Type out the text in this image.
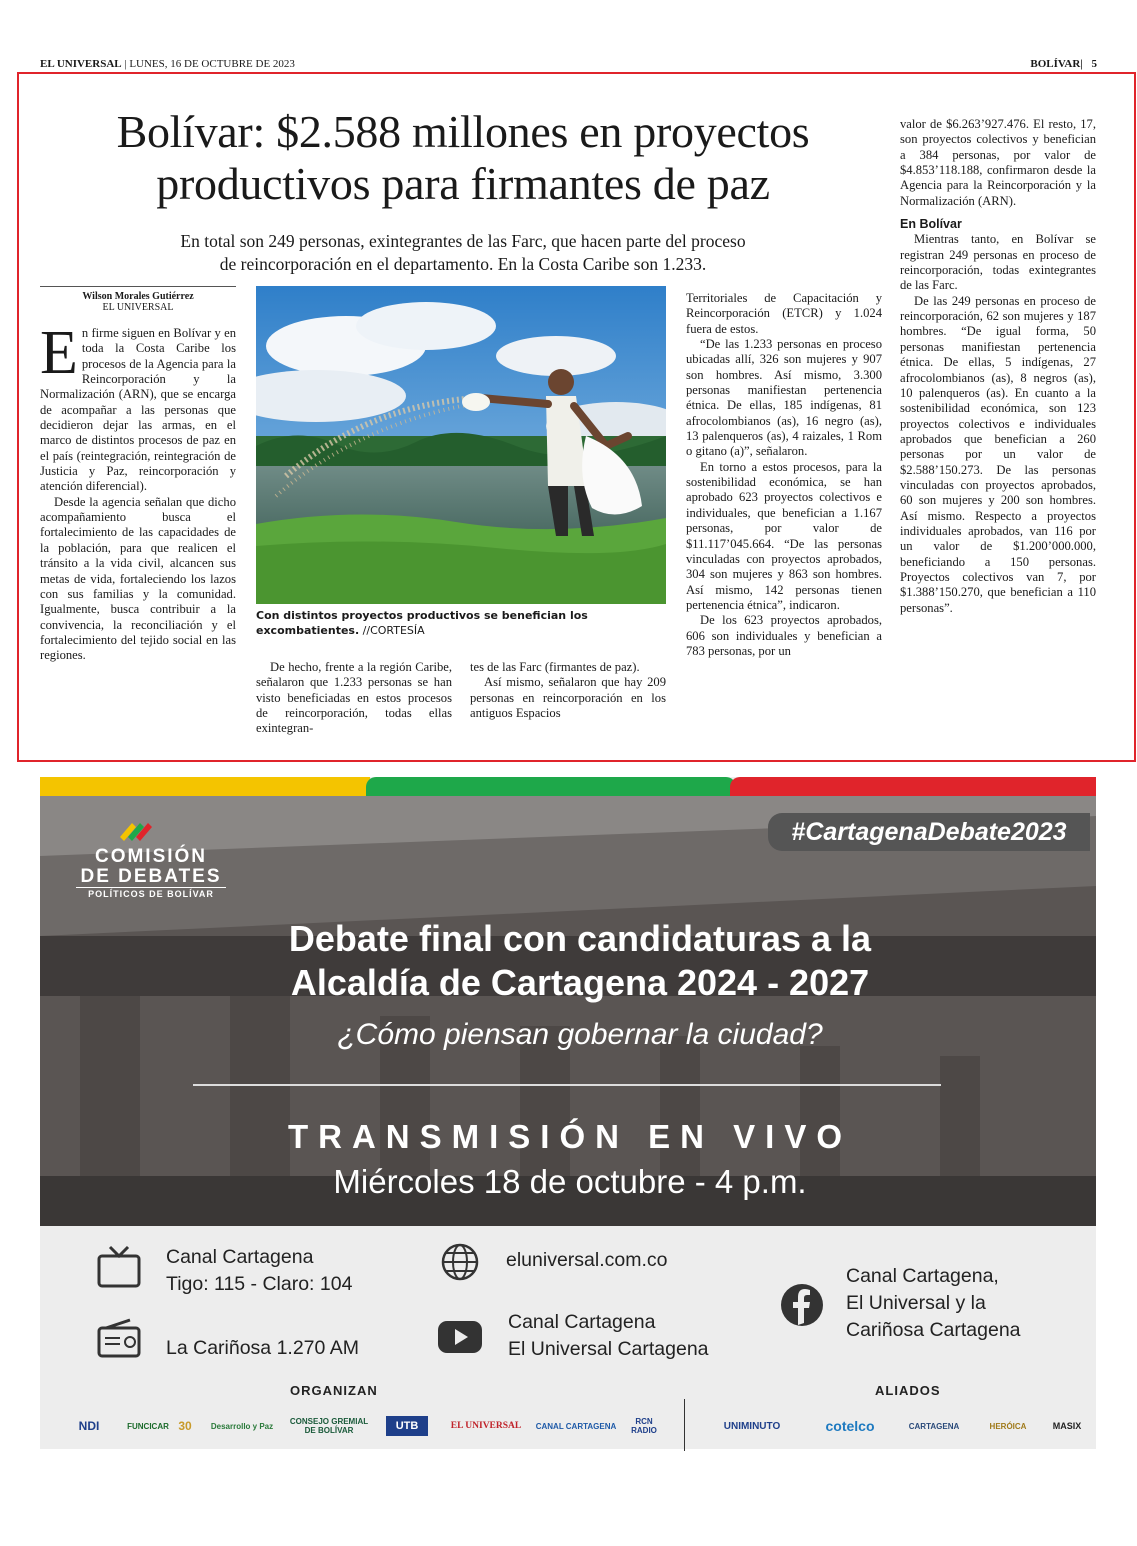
EL UNIVERSAL | LUNES, 16 DE OCTUBRE DE 2023	BOLÍVAR| 5
Bolívar: $2.588 millones en proyectos
productivos para firmantes de paz
En total son 249 personas, exintegrantes de las Farc, que hacen parte del proceso
de reincorporación en el departamento. En la Costa Caribe son 1.233.
Wilson Morales Gutiérrez
EL UNIVERSAL

En firme siguen en Bolívar y en toda la Costa Caribe los procesos de la Agencia para la Reincorporación y la Normalización (ARN), que se encarga de acompañar a las personas que decidieron dejar las armas, en el marco de distintos procesos de paz en el país (reintegración, reintegración de Justicia y Paz, reincorporación y atención diferencial).

Desde la agencia señalan que dicho acompañamiento busca el fortalecimiento de las capacidades de la población, para que realicen el tránsito a la vida civil, alcancen sus metas de vida, fortaleciendo los lazos con sus familias y la comunidad. Igualmente, busca contribuir a la convivencia, la reconciliación y el fortalecimiento del tejido social en las regiones.

Con distintos proyectos productivos se benefician los excombatientes. //CORTESÍA

De hecho, frente a la región Caribe, señalaron que 1.233 personas se han visto beneficiadas en estos procesos de reincorporación, todas ellas exintegran-

tes de las Farc (firmantes de paz).

Así mismo, señalaron que hay 209 personas en reincorporación en los antiguos Espacios

Territoriales de Capacitación y Reincorporación (ETCR) y 1.024 fuera de estos.

“De las 1.233 personas en proceso ubicadas allí, 326 son mujeres y 907 son hombres. Así mismo, 3.300 personas manifiestan pertenencia étnica. De ellas, 185 indígenas, 81 afrocolombianos (as), 16 negro (as), 13 palenqueros (as), 4 raizales, 1 Rom o gitano (a)”, señalaron.

En torno a estos procesos, para la sostenibilidad económica, se han aprobado 623 proyectos colectivos e individuales, que benefician a 1.167 personas, por valor de $11.117’045.664. “De las personas vinculadas con proyectos aprobados, 304 son mujeres y 863 son hombres. Así mismo, 142 personas tienen pertenencia étnica”, indicaron.

De los 623 proyectos aprobados, 606 son individuales y benefician a 783 personas, por un

valor de $6.263’927.476. El resto, 17, son proyectos colectivos y benefician a 384 personas, por valor de $4.853’118.188, confirmaron desde la Agencia para la Reincorporación y la Normalización (ARN).

En Bolívar

Mientras tanto, en Bolívar se registran 249 personas en proceso de reincorporación, todas exintegrantes de las Farc.

De las 249 personas en proceso de reincorporación, 62 son mujeres y 187 hombres. “De igual forma, 50 personas manifiestan pertenencia étnica. De ellas, 5 indígenas, 27 afrocolombianos (as), 8 negros (as), 10 palenqueros (as). En cuanto a la sostenibilidad económica, son 123 proyectos colectivos e individuales aprobados que benefician a 260 personas por un valor de $2.588’150.273. De las personas vinculadas con proyectos aprobados, 60 son mujeres y 200 son hombres. Así mismo. Respecto a proyectos individuales aprobados, van 116 por un valor de $1.200’000.000, beneficiando a 150 personas. Proyectos colectivos van 7, por $1.388’150.270, que benefician a 110 personas”.

COMISIÓN
DE DEBATES
POLÍTICOS DE BOLÍVAR
#CartagenaDebate2023
Debate final con candidaturas a la
Alcaldía de Cartagena 2024 - 2027
¿Cómo piensan gobernar la ciudad?
TRANSMISIÓN EN VIVO
Miércoles 18 de octubre - 4 p.m.
Canal Cartagena
Tigo: 115 - Claro: 104
La Cariñosa 1.270 AM
eluniversal.com.co
Canal Cartagena
El Universal Cartagena
Canal Cartagena,
El Universal y la
Cariñosa Cartagena
ORGANIZAN	ALIADOS
NDI	FUNCICAR 30	Desarrollo y Paz	CONSEJO GREMIAL DE BOLÍVAR	UTB	EL UNIVERSAL	CANAL CARTAGENA	RCN RADIO	UNIMINUTO	cotelco	CARTAGENA	HERÓICA	MASIX
